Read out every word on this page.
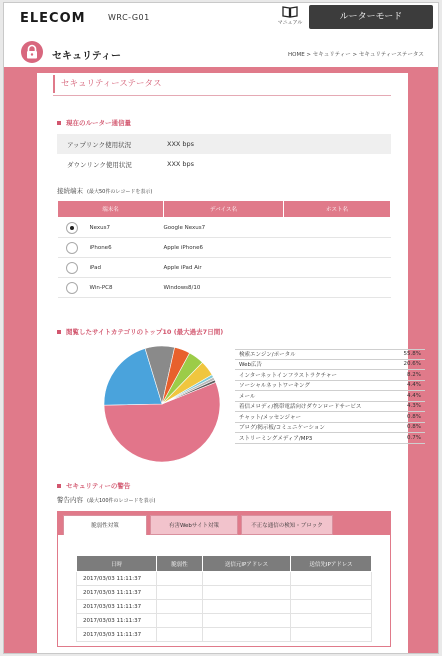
ELECOM	WRC-G01
マニュアル
ルーターモード
セキュリティー	HOME > セキュリティー > セキュリティーステータス
セキュリティーステータス
現在のルーター通信量
アップリンク使用状況	XXX bps
ダウンリンク使用状況	XXX bps
接続端末 (最大50件のレコードを表示)
端末名	デバイス名	ホスト名
Nexus7	Google Nexus7	
iPhone6	Apple iPhone6	
iPad	Apple iPad Air	
Win-PC8	Windows8/10	
閲覧したサイトカテゴリのトップ10 (最大過去7日間)
検索エンジン/ポータル	55.8%
Web広告	20.6%
インターネットインフラストラクチャー	8.2%
ソーシャルネットワーキング	4.4%
メール	4.4%
着信メロディ/携帯電話向けダウンロードサービス	4.3%
チャット/メッセンジャー	0.8%
ブログ/掲示板/コミュニケーション	0.8%
ストリーミングメディア/MP3	0.7%
セキュリティーの警告
警告内容 (最大100件のレコードを表示)
脆弱性対策	有害Webサイト対策	不正な通信の検知・ブロック
日時	脆弱性	送信元IPアドレス	送信先IPアドレス
2017/03/03 11:11:37			
2017/03/03 11:11:37			
2017/03/03 11:11:37			
2017/03/03 11:11:37			
2017/03/03 11:11:37			
